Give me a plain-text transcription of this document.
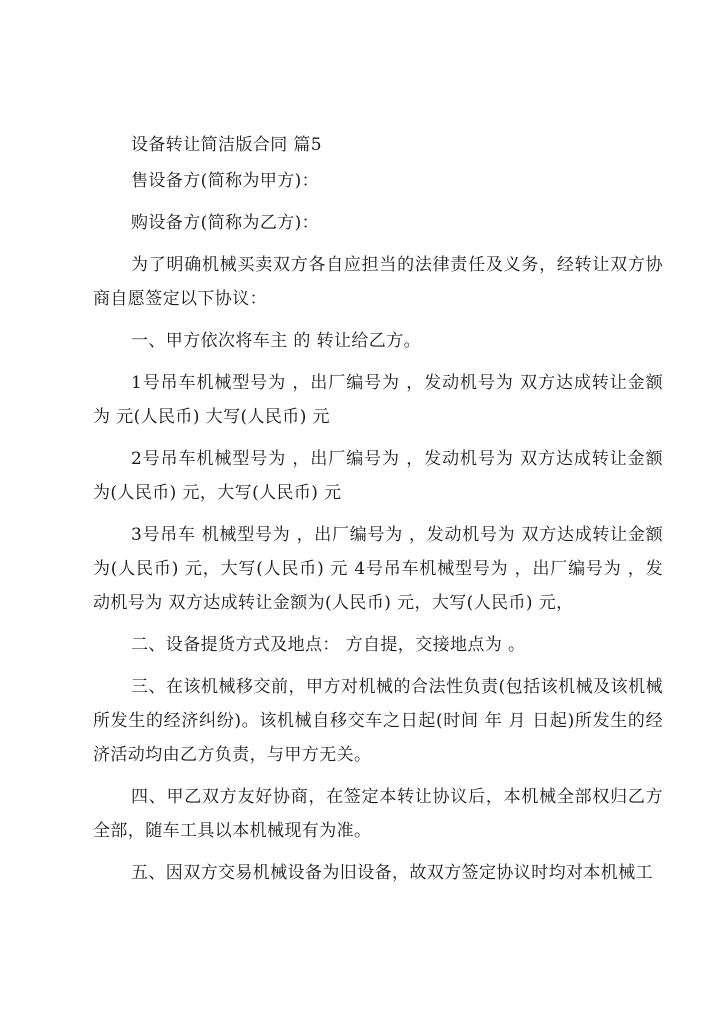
设备转让简洁版合同 篇5

售设备方(简称为甲方)：

购设备方(简称为乙方)：

为了明确机械买卖双方各自应担当的法律责任及义务，经转让双方协商自愿签定以下协议：

一、甲方依次将车主 的 转让给乙方。

1号吊车机械型号为 ，出厂编号为 ，发动机号为 双方达成转让金额为 元(人民币) 大写(人民币) 元

2号吊车机械型号为 ，出厂编号为 ，发动机号为 双方达成转让金额为(人民币) 元，大写(人民币) 元

3号吊车 机械型号为 ，出厂编号为 ，发动机号为 双方达成转让金额为(人民币) 元，大写(人民币) 元 4号吊车机械型号为 ，出厂编号为 ，发动机号为 双方达成转让金额为(人民币) 元，大写(人民币) 元，

二、设备提货方式及地点： 方自提，交接地点为 。

三、在该机械移交前，甲方对机械的合法性负责(包括该机械及该机械所发生的经济纠纷)。该机械自移交车之日起(时间 年 月 日起)所发生的经济活动均由乙方负责，与甲方无关。

四、甲乙双方友好协商，在签定本转让协议后，本机械全部权归乙方全部，随车工具以本机械现有为准。

五、因双方交易机械设备为旧设备，故双方签定协议时均对本机械工
